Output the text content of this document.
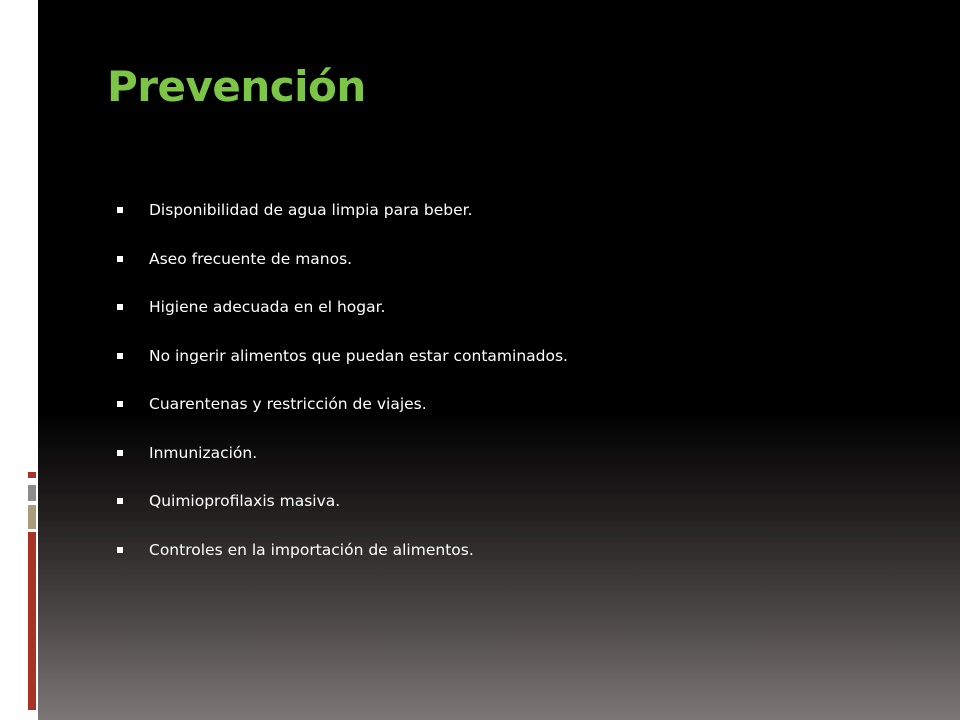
Prevención
Disponibilidad de agua limpia para beber.
Aseo frecuente de manos.
Higiene adecuada en el hogar.
No ingerir alimentos que puedan estar contaminados.
Cuarentenas y restricción de viajes.
Inmunización.
Quimioprofilaxis masiva.
Controles en la importación de alimentos.
